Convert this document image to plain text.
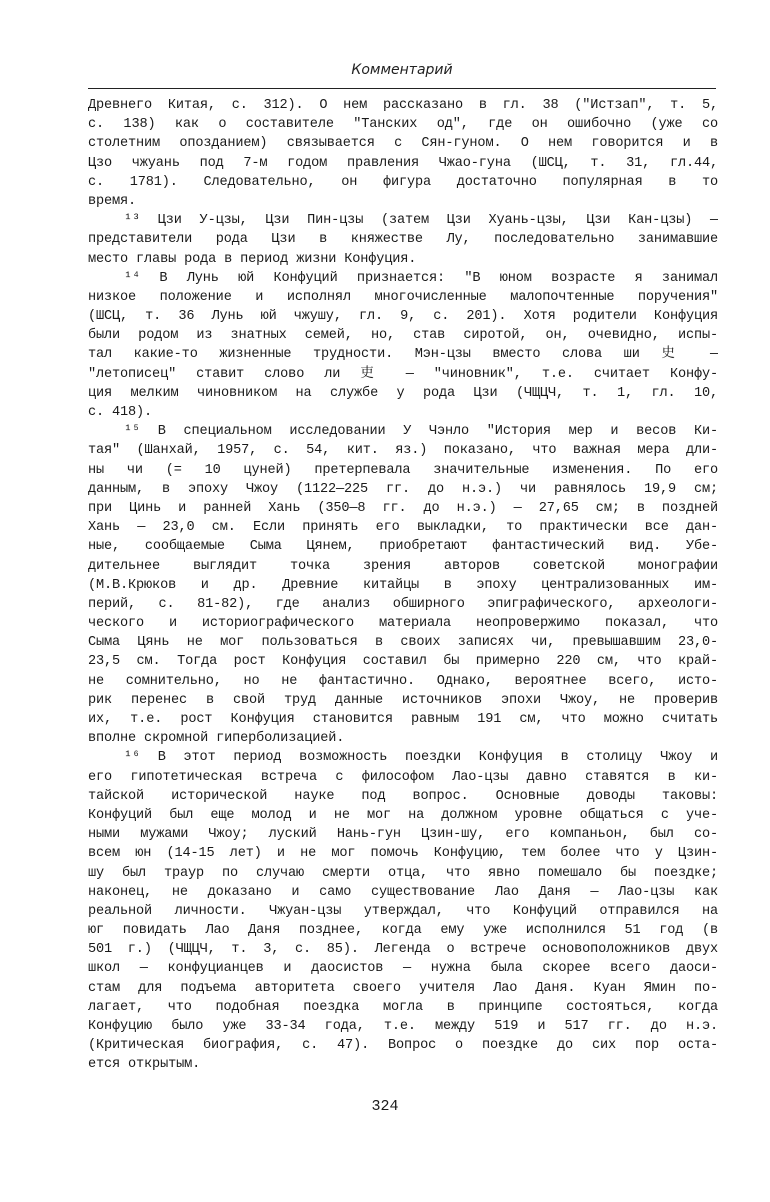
Комментарий
Древнего Китая, с. 312). О нем рассказано в гл. 38 ("Истзап", т. 5,
с. 138) как о составителе "Танских од", где он ошибочно (уже со
столетним опозданием) связывается с Сян-гуном. О нем говорится и в
Цзо чжуань под 7-м годом правления Чжао-гуна (ШСЦ, т. 31, гл.44,
с. 1781). Следовательно, он фигура достаточно популярная в то
время.
¹³ Цзи У-цзы, Цзи Пин-цзы (затем Цзи Хуань-цзы, Цзи Кан-цзы) —
представители рода Цзи в княжестве Лу, последовательно занимавшие
место главы рода в период жизни Конфуция.
¹⁴ В Лунь юй Конфуций признается: "В юном возрасте я занимал
низкое положение и исполнял многочисленные малопочтенные поручения"
(ШСЦ, т. 36 Лунь юй чжушу, гл. 9, с. 201). Хотя родители Конфуция
были родом из знатных семей, но, став сиротой, он, очевидно, испы-
тал какие-то жизненные трудности. Мэн-цзы вместо слова ши 史 —
"летописец" ставит слово ли 吏 — "чиновник", т.е. считает Конфу-
ция мелким чиновником на службе у рода Цзи (ЧЩЦЧ, т. 1, гл. 10,
с. 418).
¹⁵ В специальном исследовании У Чэнло "История мер и весов Ки-
тая" (Шанхай, 1957, с. 54, кит. яз.) показано, что важная мера дли-
ны чи (= 10 цуней) претерпевала значительные изменения. По его
данным, в эпоху Чжоу (1122—225 гг. до н.э.) чи равнялось 19,9 см;
при Цинь и ранней Хань (350—8 гг. до н.э.) — 27,65 см; в поздней
Хань — 23,0 см. Если принять его выкладки, то практически все дан-
ные, сообщаемые Сыма Цянем, приобретают фантастический вид. Убе-
дительнее выглядит точка зрения авторов советской монографии
(М.В.Крюков и др. Древние китайцы в эпоху централизованных им-
перий, с. 81-82), где анализ обширного эпиграфического, археологи-
ческого и историографического материала неопровержимо показал, что
Сыма Цянь не мог пользоваться в своих записях чи, превышавшим 23,0-
23,5 см. Тогда рост Конфуция составил бы примерно 220 см, что край-
не сомнительно, но не фантастично. Однако, вероятнее всего, исто-
рик перенес в свой труд данные источников эпохи Чжоу, не проверив
их, т.е. рост Конфуция становится равным 191 см, что можно считать
вполне скромной гиперболизацией.
¹⁶ В этот период возможность поездки Конфуция в столицу Чжоу и
его гипотетическая встреча с философом Лао-цзы давно ставятся в ки-
тайской исторической науке под вопрос. Основные доводы таковы:
Конфуций был еще молод и не мог на должном уровне общаться с уче-
ными мужами Чжоу; луский Нань-гун Цзин-шу, его компаньон, был со-
всем юн (14-15 лет) и не мог помочь Конфуцию, тем более что у Цзин-
шу был траур по случаю смерти отца, что явно помешало бы поездке;
наконец, не доказано и само существование Лао Даня — Лао-цзы как
реальной личности. Чжуан-цзы утверждал, что Конфуций отправился на
юг повидать Лао Даня позднее, когда ему уже исполнился 51 год (в
501 г.) (ЧЩЦЧ, т. 3, с. 85). Легенда о встрече основоположников двух
школ — конфуцианцев и даосистов — нужна была скорее всего даоси-
стам для подъема авторитета своего учителя Лао Даня. Куан Ямин по-
лагает, что подобная поездка могла в принципе состояться, когда
Конфуцию было уже 33-34 года, т.е. между 519 и 517 гг. до н.э.
(Критическая биография, с. 47). Вопрос о поездке до сих пор оста-
ется открытым.
324
